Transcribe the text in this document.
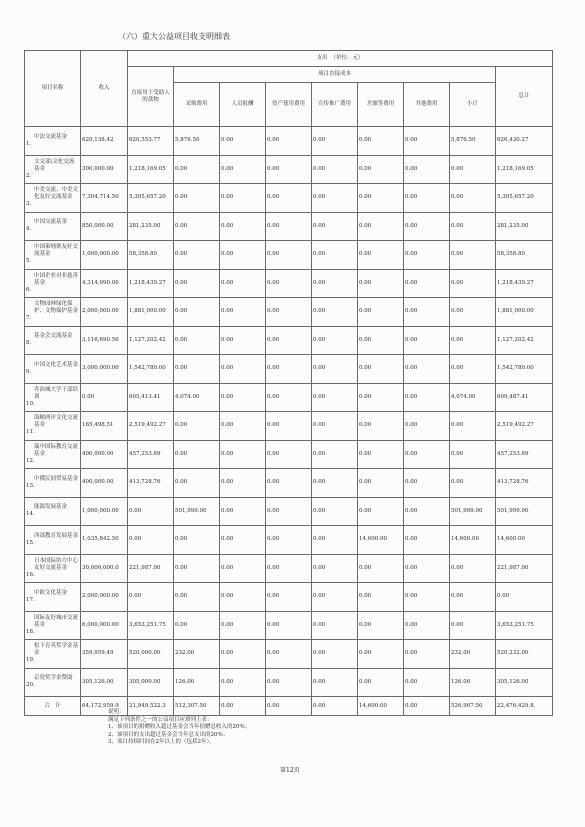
（六）重大公益项目收支明细表
项目名称	收入	支出　（单位：元）								
		直接用于受助人的款物	项目直接成本							总计
			采购费用	人员报酬	资产使用费用	宣传推广费用	差旅等费用	其他费用	小计	

中法交流基金
1.	620,138.42	620,553.77	5,876.50	0.00	0.00	0.00	0.00	0.00	5,876.50	626,430.27

文交部\文化交流基金
2.	300,000.00	1,218,169.05	0.00	0.00	0.00	0.00	0.00	0.00	0.00	1,218,169.05

中美交流、中美文化友好交流基金
3.	7,304,714.50	5,305,657.20	0.00	0.00	0.00	0.00	0.00	0.00	0.00	5,305,657.20

中国交流基金
4.	850,000.00	281,235.00	0.00	0.00	0.00	0.00	0.00	0.00	0.00	281,235.00

中国柬埔寨友好交流基金
5.	1,000,000.00	58,358.80	0.00	0.00	0.00	0.00	0.00	0.00	0.00	58,358.80

中国企业对非慈善基金
6.	4,314,990.00	1,218,439.27	0.00	0.00	0.00	0.00	0.00	0.00	0.00	1,218,439.27

文物园林绿化保护、文物保护基金
7.	2,000,000.00	1,881,000.00	0.00	0.00	0.00	0.00	0.00	0.00	0.00	1,881,000.00

基金会交流基金
8.	3,116,690.56	1,127,202.42	0.00	0.00	0.00	0.00	0.00	0.00	0.00	1,127,202.42

中国文化艺术基金
9.	3,000,000.00	1,542,780.00	0.00	0.00	0.00	0.00	0.00	0.00	0.00	1,542,780.00

乔治城大学干部培训
10.	0.00	605,413.41	4,074.00	0.00	0.00	0.00	0.00	0.00	4,074.00	609,487.41

海峡两岸文化交流基金
11.	165,498.51	2,519,492.27	0.00	0.00	0.00	0.00	0.00	0.00	0.00	2,519,492.27

瑞中国际教育交流基金
12.	400,000.00	457,253.69	0.00	0.00	0.00	0.00	0.00	0.00	0.00	457,253.69

中俄民间贸易基金
13.	400,000.00	413,728.76	0.00	0.00	0.00	0.00	0.00	0.00	0.00	413,728.76

能源发展基金
14.	1,000,000.00	0.00	501,999.00	0.00	0.00	0.00	0.00	0.00	501,999.00	501,999.00

西部教育发展基金
15.	1,035,842.50	0.00	0.00	0.00	0.00	0.00	14,600.00	0.00	14,600.00	14,600.00

日本国际协力中心友好交流基金
16.	30,000,000.0	221,987.00	0.00	0.00	0.00	0.00	0.00	0.00	0.00	221,987.00

中欧文化基金
17.	2,000,000.00	0.00	0.00	0.00	0.00	0.00	0.00	0.00	0.00	0.00

国际友好城市交流基金
18.	6,000,000.00	3,653,251.75	0.00	0.00	0.00	0.00	0.00	0.00	0.00	3,653,251.75

松下育英奖学金基金
19.	359,959.49	520,000.00	232.00	0.00	0.00	0.00	0.00	0.00	232.00	520,232.00

京瓷奖学金赞助
20.	305,126.00	305,000.00	126.00	0.00	0.00	0.00	0.00	0.00	126.00	305,126.00
合　计	64,172,959.9	21,949,522.3	512,307.50	0.00	0.00	0.00	14,600.00	0.00	526,907.50	22,476,429.8
说明：
满足下列条件之一的公益项目应填列上表：
1、该项目的捐赠收入超过基金会当年捐赠总收入的20%；
2、该项目的支出超过基金会当年总支出的20%；
3、项目持续时间在2年以上的（包括2年）。
第12页
